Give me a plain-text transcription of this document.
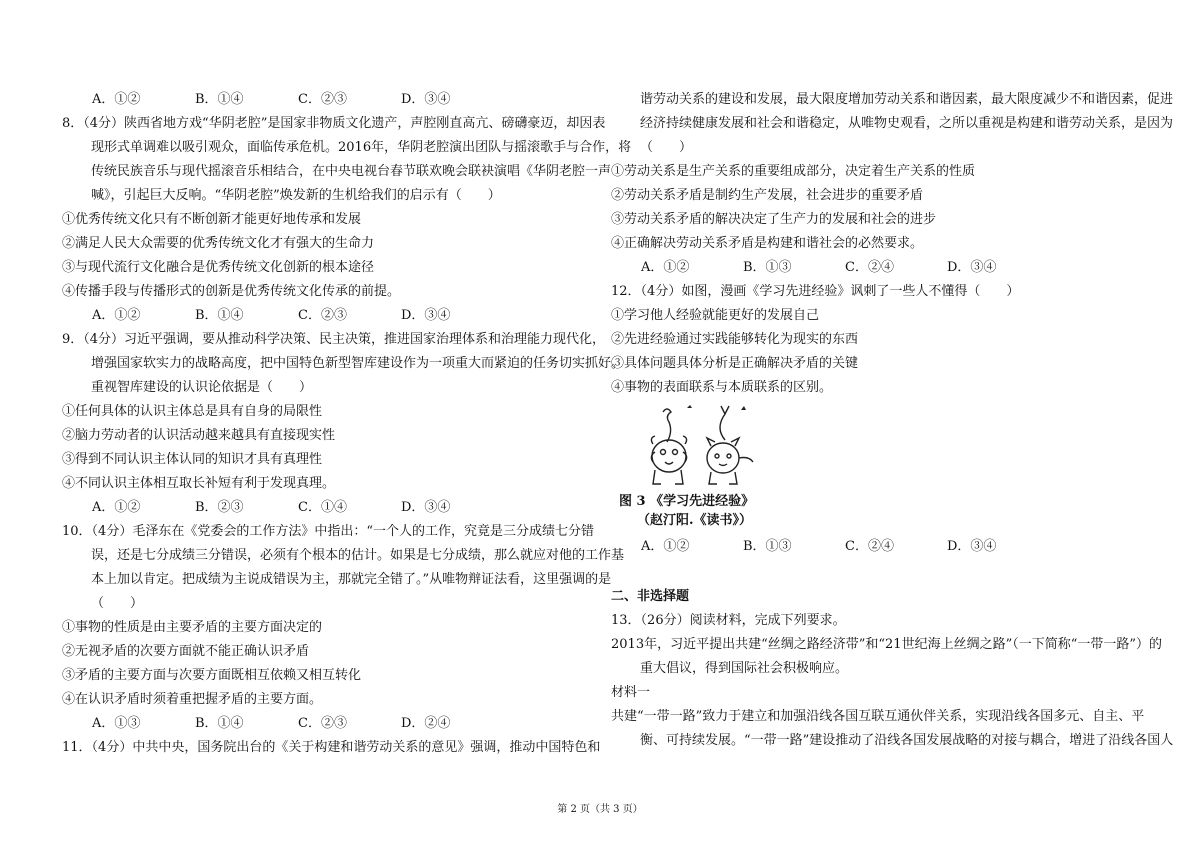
A．①②	B．①④	C．②③	D．③④
8．（4分）陕西省地方戏“华阴老腔”是国家非物质文化遗产，声腔刚直高亢、磅礴豪迈，却因表
现形式单调难以吸引观众，面临传承危机。2016年，华阴老腔演出团队与摇滚歌手与合作，将
传统民族音乐与现代摇滚音乐相结合，在中央电视台春节联欢晚会联袂演唱《华阴老腔一声
喊》，引起巨大反响。“华阴老腔”焕发新的生机给我们的启示有（　　）
①优秀传统文化只有不断创新才能更好地传承和发展
②满足人民大众需要的优秀传统文化才有强大的生命力
③与现代流行文化融合是优秀传统文化创新的根本途径
④传播手段与传播形式的创新是优秀传统文化传承的前提。
A．①②	B．①④	C．②③	D．③④
9．（4分）习近平强调，要从推动科学决策、民主决策，推进国家治理体系和治理能力现代化，
增强国家软实力的战略高度，把中国特色新型智库建设作为一项重大而紧迫的任务切实抓好。
重视智库建设的认识论依据是（　　）
①任何具体的认识主体总是具有自身的局限性
②脑力劳动者的认识活动越来越具有直接现实性
③得到不同认识主体认同的知识才具有真理性
④不同认识主体相互取长补短有利于发现真理。
A．①②	B．②③	C．①④	D．③④
10．（4分）毛泽东在《党委会的工作方法》中指出：“一个人的工作，究竟是三分成绩七分错
误，还是七分成绩三分错误，必须有个根本的估计。如果是七分成绩，那么就应对他的工作基
本上加以肯定。把成绩为主说成错误为主，那就完全错了。”从唯物辩证法看，这里强调的是
（　　）
①事物的性质是由主要矛盾的主要方面决定的
②无视矛盾的次要方面就不能正确认识矛盾
③矛盾的主要方面与次要方面既相互依赖又相互转化
④在认识矛盾时须着重把握矛盾的主要方面。
A．①③	B．①④	C．②③	D．②④
11．（4分）中共中央，国务院出台的《关于构建和谐劳动关系的意见》强调，推动中国特色和
谐劳动关系的建设和发展，最大限度增加劳动关系和谐因素，最大限度减少不和谐因素，促进
经济持续健康发展和社会和谐稳定，从唯物史观看，之所以重视是构建和谐劳动关系，是因为
（　　）
①劳动关系是生产关系的重要组成部分，决定着生产关系的性质
②劳动关系矛盾是制约生产发展，社会进步的重要矛盾
③劳动关系矛盾的解决决定了生产力的发展和社会的进步
④正确解决劳动关系矛盾是构建和谐社会的必然要求。
A．①②	B．①③	C．②④	D．③④
12．（4分）如图，漫画《学习先进经验》讽刺了一些人不懂得（　　）
①学习他人经验就能更好的发展自己
②先进经验通过实践能够转化为现实的东西
③具体问题具体分析是正确解决矛盾的关键
④事物的表面联系与本质联系的区别。
图 3 《学习先进经验》
（赵汀阳.《读书》）
A．①②	B．①③	C．②④	D．③④
二、非选择题
13．（26分）阅读材料，完成下列要求。
2013年，习近平提出共建“丝绸之路经济带”和“21世纪海上丝绸之路”（一下简称“一带一路”）的
重大倡议，得到国际社会积极响应。
材料一
共建“一带一路”致力于建立和加强沿线各国互联互通伙伴关系，实现沿线各国多元、自主、平
衡、可持续发展。“一带一路”建设推动了沿线各国发展战略的对接与耦合，增进了沿线各国人
第 2 页（共 3 页）
